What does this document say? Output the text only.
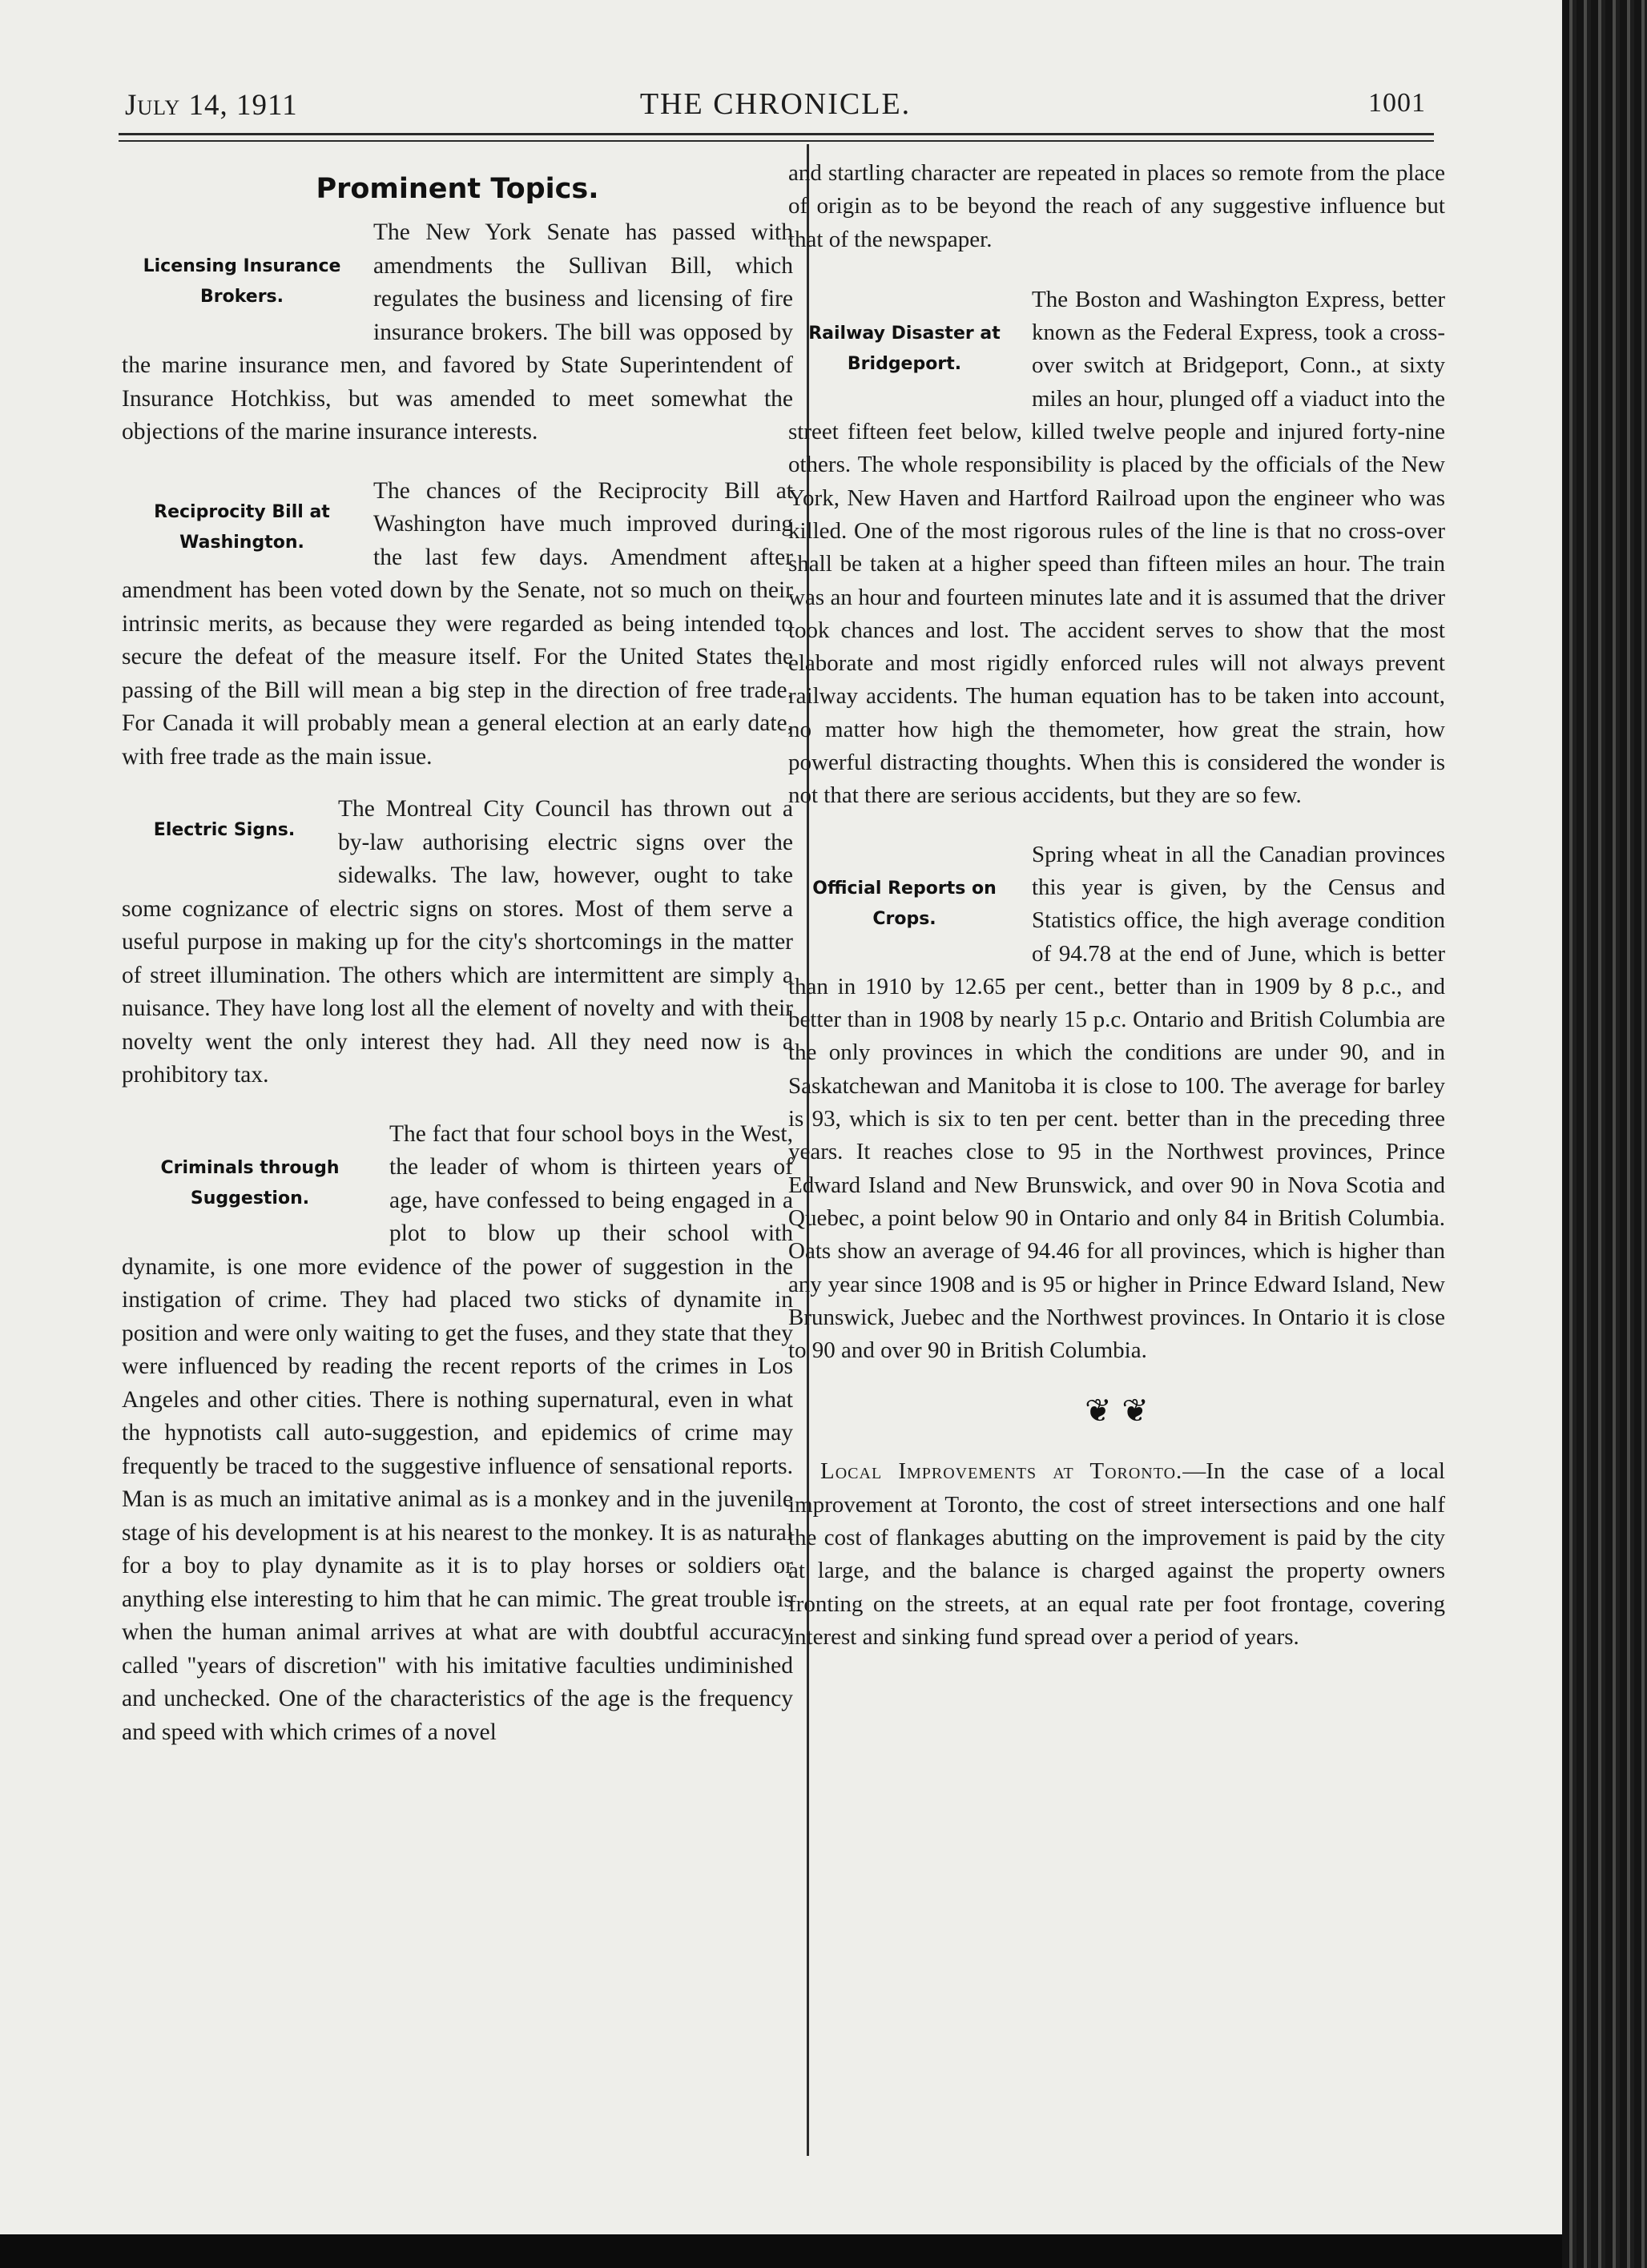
July 14, 1911	THE CHRONICLE.	1001
Prominent Topics.
Licensing Insurance Brokers.

The New York Senate has passed with amendments the Sullivan Bill, which regulates the business and licensing of fire insurance brokers. The bill was opposed by the marine insurance men, and favored by State Superintendent of Insurance Hotchkiss, but was amended to meet somewhat the objections of the marine insurance interests.

Reciprocity Bill at Washington.

The chances of the Reciprocity Bill at Washington have much improved during the last few days. Amendment after amendment has been voted down by the Senate, not so much on their intrinsic merits, as because they were regarded as being intended to secure the defeat of the measure itself. For the United States the passing of the Bill will mean a big step in the direction of free trade. For Canada it will probably mean a general election at an early date, with free trade as the main issue.

Electric Signs.

The Montreal City Council has thrown out a by-law authorising electric signs over the sidewalks. The law, however, ought to take some cognizance of electric signs on stores. Most of them serve a useful purpose in making up for the city's shortcomings in the matter of street illumination. The others which are intermittent are simply a nuisance. They have long lost all the element of novelty and with their novelty went the only interest they had. All they need now is a prohibitory tax.

Criminals through Suggestion.

The fact that four school boys in the West, the leader of whom is thirteen years of age, have confessed to being engaged in a plot to blow up their school with dynamite, is one more evidence of the power of suggestion in the instigation of crime. They had placed two sticks of dynamite in position and were only waiting to get the fuses, and they state that they were influenced by reading the recent reports of the crimes in Los Angeles and other cities. There is nothing supernatural, even in what the hypnotists call auto-suggestion, and epidemics of crime may frequently be traced to the suggestive influence of sensational reports. Man is as much an imitative animal as is a monkey and in the juvenile stage of his development is at his nearest to the monkey. It is as natural for a boy to play dynamite as it is to play horses or soldiers or anything else interesting to him that he can mimic. The great trouble is when the human animal arrives at what are with doubtful accuracy called "years of discretion" with his imitative faculties undiminished and unchecked. One of the characteristics of the age is the frequency and speed with which crimes of a novel

and startling character are repeated in places so remote from the place of origin as to be beyond the reach of any suggestive influence but that of the newspaper.

Railway Disaster at Bridgeport.

The Boston and Washington Express, better known as the Federal Express, took a cross-over switch at Bridgeport, Conn., at sixty miles an hour, plunged off a viaduct into the street fifteen feet below, killed twelve people and injured forty-nine others. The whole responsibility is placed by the officials of the New York, New Haven and Hartford Railroad upon the engineer who was killed. One of the most rigorous rules of the line is that no cross-over shall be taken at a higher speed than fifteen miles an hour. The train was an hour and fourteen minutes late and it is assumed that the driver took chances and lost. The accident serves to show that the most elaborate and most rigidly enforced rules will not always prevent railway accidents. The human equation has to be taken into account, no matter how high the themometer, how great the strain, how powerful distracting thoughts. When this is considered the wonder is not that there are serious accidents, but they are so few.

Official Reports on Crops.

Spring wheat in all the Canadian provinces this year is given, by the Census and Statistics office, the high average condition of 94.78 at the end of June, which is better than in 1910 by 12.65 per cent., better than in 1909 by 8 p.c., and better than in 1908 by nearly 15 p.c. Ontario and British Columbia are the only provinces in which the conditions are under 90, and in Saskatchewan and Manitoba it is close to 100. The average for barley is 93, which is six to ten per cent. better than in the preceding three years. It reaches close to 95 in the Northwest provinces, Prince Edward Island and New Brunswick, and over 90 in Nova Scotia and Quebec, a point below 90 in Ontario and only 84 in British Columbia. Oats show an average of 94.46 for all provinces, which is higher than any year since 1908 and is 95 or higher in Prince Edward Island, New Brunswick, Juebec and the Northwest provinces. In Ontario it is close to 90 and over 90 in British Columbia.

❦ ❦

Local Improvements at Toronto.—In the case of a local improvement at Toronto, the cost of street intersections and one half the cost of flankages abutting on the improvement is paid by the city at large, and the balance is charged against the property owners fronting on the streets, at an equal rate per foot frontage, covering interest and sinking fund spread over a period of years.
